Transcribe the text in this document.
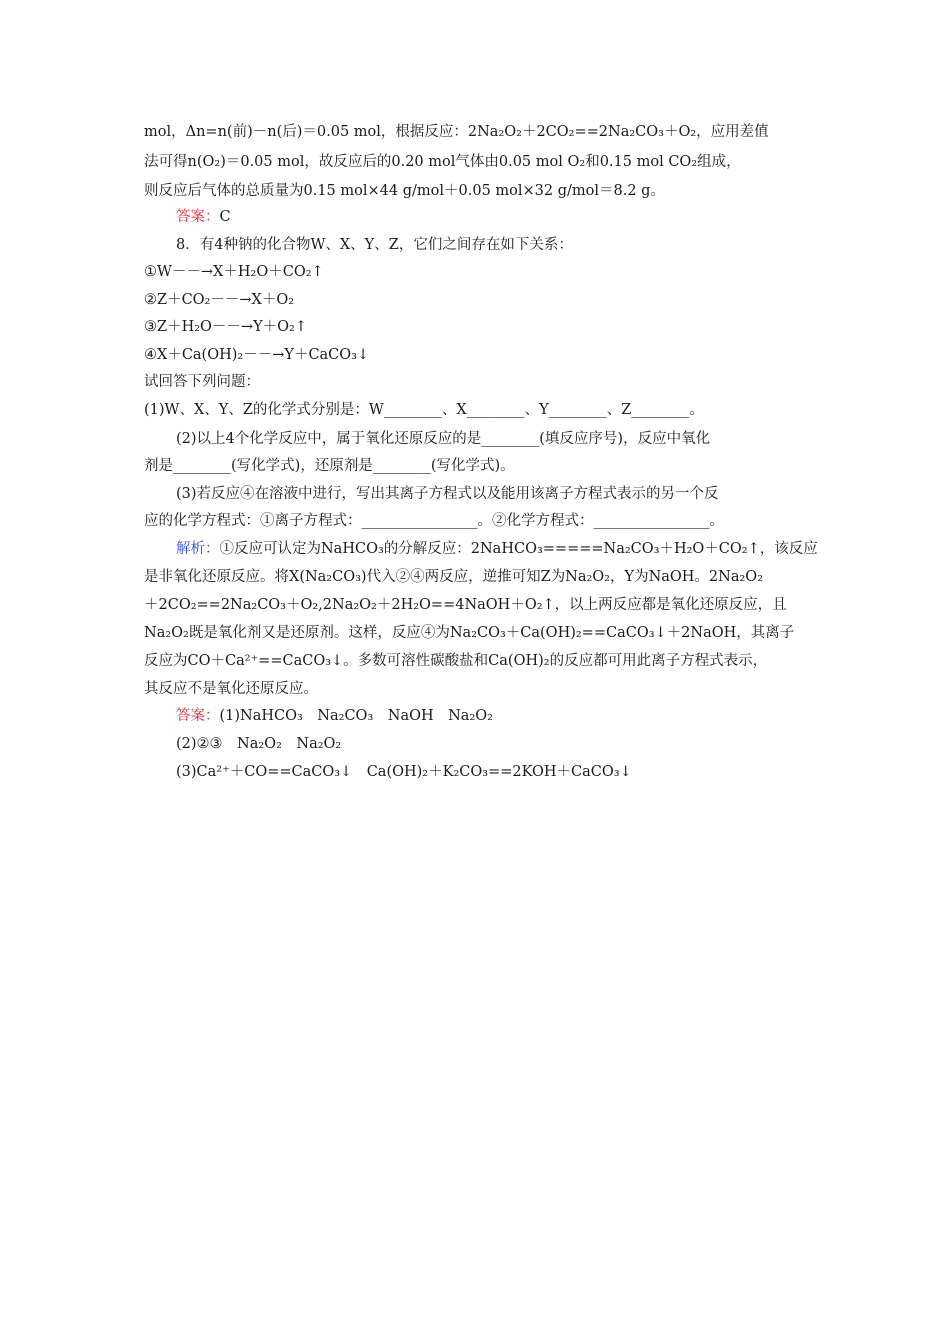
mol，Δn=n(前)－n(后)＝0.05 mol，根据反应：2Na₂O₂＋2CO₂==2Na₂CO₃＋O₂，应用差值
法可得n(O₂)＝0.05 mol，故反应后的0.20 mol气体由0.05 mol O₂和0.15 mol CO₂组成，
则反应后气体的总质量为0.15 mol×44 g/mol＋0.05 mol×32 g/mol＝8.2 g。
答案：C
8．有4种钠的化合物W、X、Y、Z，它们之间存在如下关系：
①W－－→X＋H₂O＋CO₂↑
②Z＋CO₂－－→X＋O₂
③Z＋H₂O－－→Y＋O₂↑
④X＋Ca(OH)₂－－→Y＋CaCO₃↓
试回答下列问题：
(1)W、X、Y、Z的化学式分别是：W________、X________、Y________、Z________。
(2)以上4个化学反应中，属于氧化还原反应的是________(填反应序号)，反应中氧化
剂是________(写化学式)，还原剂是________(写化学式)。
(3)若反应④在溶液中进行，写出其离子方程式以及能用该离子方程式表示的另一个反
应的化学方程式：①离子方程式：________________。②化学方程式：________________。
解析：①反应可认定为NaHCO₃的分解反应：2NaHCO₃=====Na₂CO₃＋H₂O＋CO₂↑，该反应
是非氧化还原反应。将X(Na₂CO₃)代入②④两反应，逆推可知Z为Na₂O₂，Y为NaOH。2Na₂O₂
＋2CO₂==2Na₂CO₃＋O₂,2Na₂O₂＋2H₂O==4NaOH＋O₂↑，以上两反应都是氧化还原反应，且
Na₂O₂既是氧化剂又是还原剂。这样，反应④为Na₂CO₃＋Ca(OH)₂==CaCO₃↓＋2NaOH，其离子
反应为CO＋Ca²⁺==CaCO₃↓。多数可溶性碳酸盐和Ca(OH)₂的反应都可用此离子方程式表示，
其反应不是氧化还原反应。
答案：(1)NaHCO₃　Na₂CO₃　NaOH　Na₂O₂
(2)②③　Na₂O₂　Na₂O₂
(3)Ca²⁺＋CO==CaCO₃↓　Ca(OH)₂＋K₂CO₃==2KOH＋CaCO₃↓
